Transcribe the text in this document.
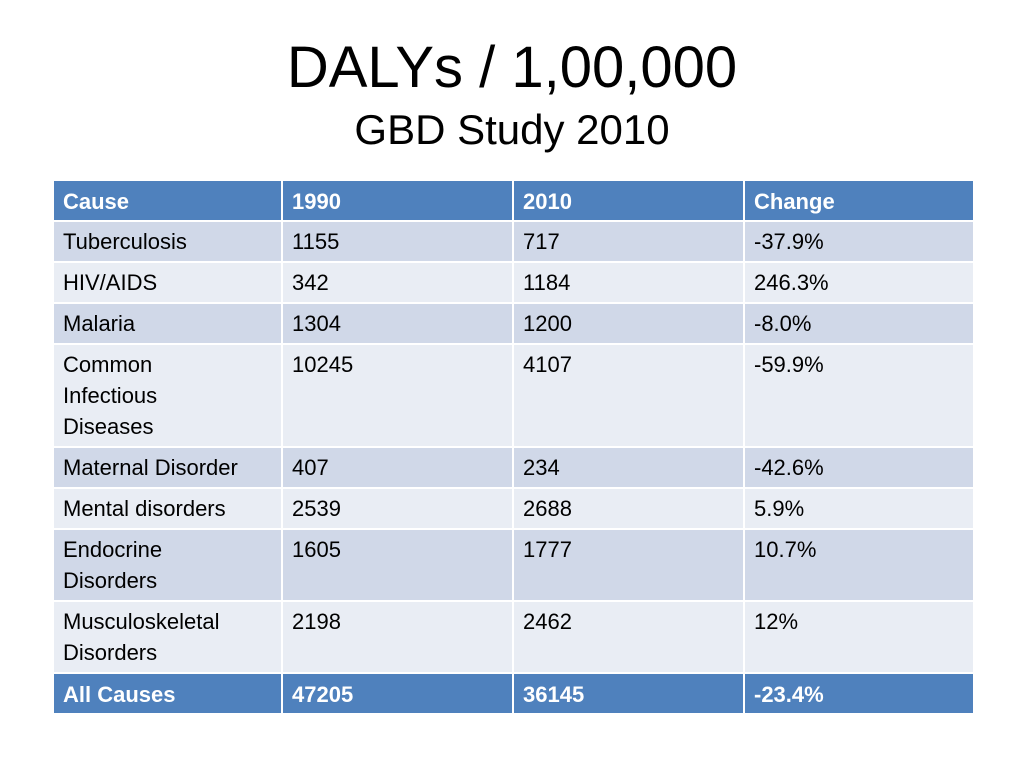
DALYs / 1,00,000
GBD Study 2010
Cause	1990	2010	Change
Tuberculosis	1155	717	-37.9%
HIV/AIDS	342	1184	246.3%
Malaria	1304	1200	-8.0%
Common Infectious Diseases	10245	4107	-59.9%
Maternal Disorder	407	234	-42.6%
Mental disorders	2539	2688	5.9%
Endocrine Disorders	1605	1777	10.7%
Musculoskeletal Disorders	2198	2462	12%
All Causes	47205	36145	-23.4%
